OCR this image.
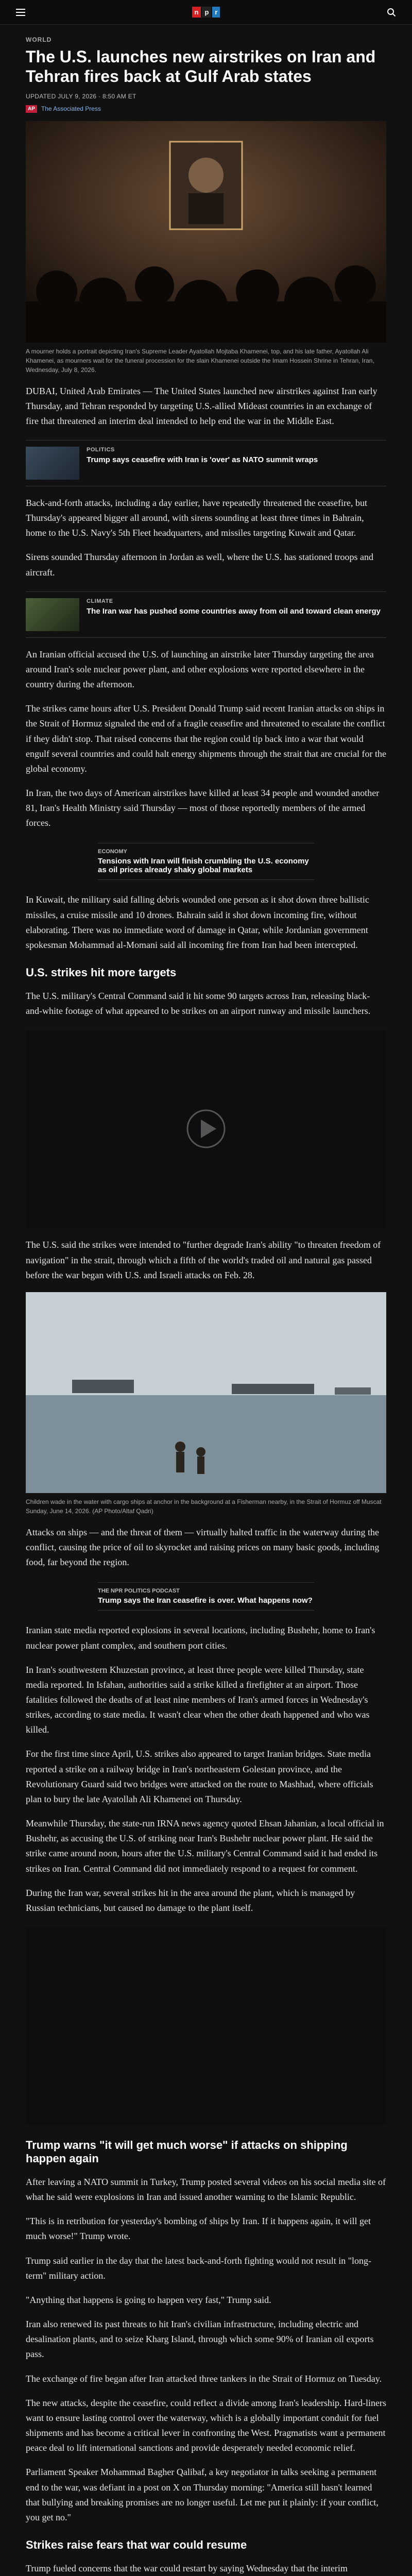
n p r
WORLD
The U.S. launches new airstrikes on Iran and Tehran fires back at Gulf Arab states
UPDATED JULY 9, 2026 · 8:50 AM ET
AP	The Associated Press

A mourner holds a portrait depicting Iran's Supreme Leader Ayatollah Mojtaba Khamenei, top, and his late father, Ayatollah Ali Khamenei, as mourners wait for the funeral procession for the slain Khamenei outside the Imam Hossein Shrine in Tehran, Iran, Wednesday, July 8, 2026.

DUBAI, United Arab Emirates — The United States launched new airstrikes against Iran early Thursday, and Tehran responded by targeting U.S.-allied Mideast countries in an exchange of fire that threatened an interim deal intended to help end the war in the Middle East.

POLITICS
Trump says ceasefire with Iran is 'over' as NATO summit wraps

Back-and-forth attacks, including a day earlier, have repeatedly threatened the ceasefire, but Thursday's appeared bigger all around, with sirens sounding at least three times in Bahrain, home to the U.S. Navy's 5th Fleet headquarters, and missiles targeting Kuwait and Qatar.

Sirens sounded Thursday afternoon in Jordan as well, where the U.S. has stationed troops and aircraft.

CLIMATE
The Iran war has pushed some countries away from oil and toward clean energy

An Iranian official accused the U.S. of launching an airstrike later Thursday targeting the area around Iran's sole nuclear power plant, and other explosions were reported elsewhere in the country during the afternoon.

The strikes came hours after U.S. President Donald Trump said recent Iranian attacks on ships in the Strait of Hormuz signaled the end of a fragile ceasefire and threatened to escalate the conflict if they didn't stop. That raised concerns that the region could tip back into a war that would engulf several countries and could halt energy shipments through the strait that are crucial for the global economy.

In Iran, the two days of American airstrikes have killed at least 34 people and wounded another 81, Iran's Health Ministry said Thursday — most of those reportedly members of the armed forces.

ECONOMY
Tensions with Iran will finish crumbling the U.S. economy as oil prices already shaky global markets

In Kuwait, the military said falling debris wounded one person as it shot down three ballistic missiles, a cruise missile and 10 drones. Bahrain said it shot down incoming fire, without elaborating. There was no immediate word of damage in Qatar, while Jordanian government spokesman Mohammad al-Momani said all incoming fire from Iran had been intercepted.

U.S. strikes hit more targets

The U.S. military's Central Command said it hit some 90 targets across Iran, releasing black-and-white footage of what appeared to be strikes on an airport runway and missile launchers.

The U.S. said the strikes were intended to "further degrade Iran's ability "to threaten freedom of navigation" in the strait, through which a fifth of the world's traded oil and natural gas passed before the war began with U.S. and Israeli attacks on Feb. 28.

Children wade in the water with cargo ships at anchor in the background at a Fisherman nearby, in the Strait of Hormuz off Muscat Sunday, June 14, 2026. (AP Photo/Altaf Qadri)

Attacks on ships — and the threat of them — virtually halted traffic in the waterway during the conflict, causing the price of oil to skyrocket and raising prices on many basic goods, including food, far beyond the region.

THE NPR POLITICS PODCAST
Trump says the Iran ceasefire is over. What happens now?

Iranian state media reported explosions in several locations, including Bushehr, home to Iran's nuclear power plant complex, and southern port cities.

In Iran's southwestern Khuzestan province, at least three people were killed Thursday, state media reported. In Isfahan, authorities said a strike killed a firefighter at an airport. Those fatalities followed the deaths of at least nine members of Iran's armed forces in Wednesday's strikes, according to state media. It wasn't clear when the other death happened and who was killed.

For the first time since April, U.S. strikes also appeared to target Iranian bridges. State media reported a strike on a railway bridge in Iran's northeastern Golestan province, and the Revolutionary Guard said two bridges were attacked on the route to Mashhad, where officials plan to bury the late Ayatollah Ali Khamenei on Thursday.

Meanwhile Thursday, the state-run IRNA news agency quoted Ehsan Jahanian, a local official in Bushehr, as accusing the U.S. of striking near Iran's Bushehr nuclear power plant. He said the strike came around noon, hours after the U.S. military's Central Command said it had ended its strikes on Iran. Central Command did not immediately respond to a request for comment.

During the Iran war, several strikes hit in the area around the plant, which is managed by Russian technicians, but caused no damage to the plant itself.

Trump warns "it will get much worse" if attacks on shipping happen again

After leaving a NATO summit in Turkey, Trump posted several videos on his social media site of what he said were explosions in Iran and issued another warning to the Islamic Republic.

"This is in retribution for yesterday's bombing of ships by Iran. If it happens again, it will get much worse!" Trump wrote.

Trump said earlier in the day that the latest back-and-forth fighting would not result in "long-term" military action.

"Anything that happens is going to happen very fast," Trump said.

Iran also renewed its past threats to hit Iran's civilian infrastructure, including electric and desalination plants, and to seize Kharg Island, through which some 90% of Iranian oil exports pass.

The exchange of fire began after Iran attacked three tankers in the Strait of Hormuz on Tuesday.

The new attacks, despite the ceasefire, could reflect a divide among Iran's leadership. Hard-liners want to ensure lasting control over the waterway, which is a globally important conduit for fuel shipments and has become a critical lever in confronting the West. Pragmatists want a permanent peace deal to lift international sanctions and provide desperately needed economic relief.

Parliament Speaker Mohammad Bagher Qalibaf, a key negotiator in talks seeking a permanent end to the war, was defiant in a post on X on Thursday morning: "America still hasn't learned that bullying and breaking promises are no longer useful. Let me put it plainly: if your conflict, you get no."

Strikes raise fears that war could resume

Trump fueled concerns that the war could restart by saying Wednesday that the interim
